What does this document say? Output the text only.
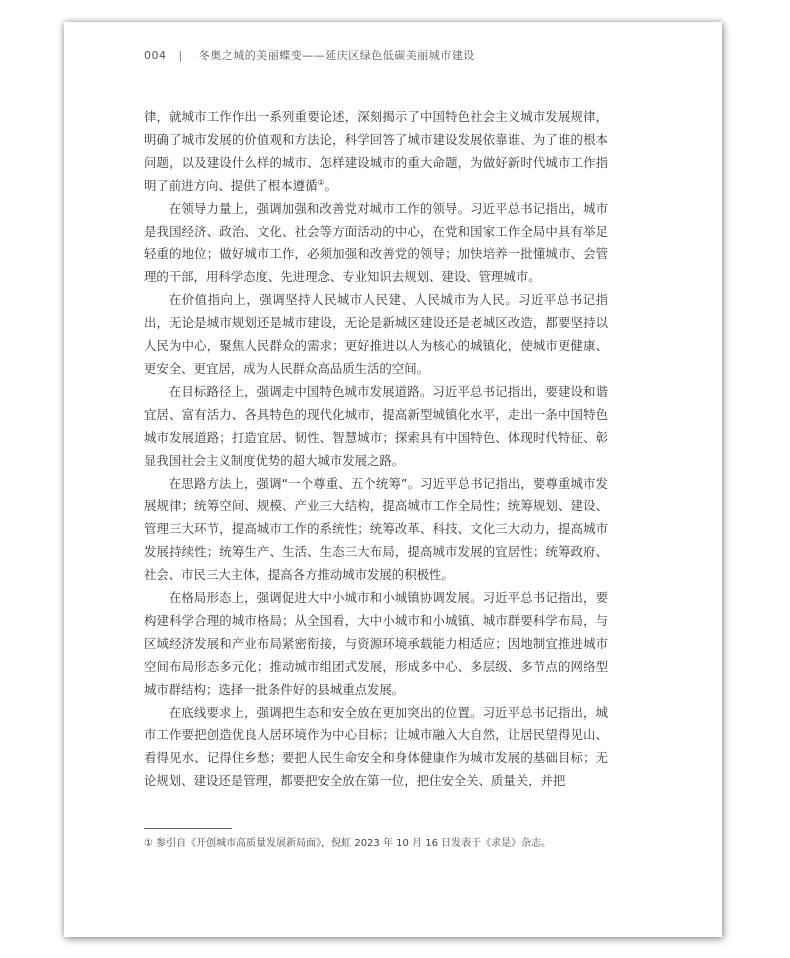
004 | 冬奥之城的美丽蝶变——延庆区绿色低碳美丽城市建设

律，就城市工作作出一系列重要论述，深刻揭示了中国特色社会主义城市发展规律，明确了城市发展的价值观和方法论，科学回答了城市建设发展依靠谁、为了谁的根本问题，以及建设什么样的城市、怎样建设城市的重大命题，为做好新时代城市工作指明了前进方向、提供了根本遵循①。

在领导力量上，强调加强和改善党对城市工作的领导。习近平总书记指出，城市是我国经济、政治、文化、社会等方面活动的中心，在党和国家工作全局中具有举足轻重的地位；做好城市工作，必须加强和改善党的领导；加快培养一批懂城市、会管理的干部，用科学态度、先进理念、专业知识去规划、建设、管理城市。

在价值指向上，强调坚持人民城市人民建、人民城市为人民。习近平总书记指出，无论是城市规划还是城市建设，无论是新城区建设还是老城区改造，都要坚持以人民为中心，聚焦人民群众的需求；更好推进以人为核心的城镇化，使城市更健康、更安全、更宜居，成为人民群众高品质生活的空间。

在目标路径上，强调走中国特色城市发展道路。习近平总书记指出，要建设和谐宜居、富有活力、各具特色的现代化城市，提高新型城镇化水平，走出一条中国特色城市发展道路；打造宜居、韧性、智慧城市；探索具有中国特色、体现时代特征、彰显我国社会主义制度优势的超大城市发展之路。

在思路方法上，强调“一个尊重、五个统筹”。习近平总书记指出，要尊重城市发展规律；统筹空间、规模、产业三大结构，提高城市工作全局性；统筹规划、建设、管理三大环节，提高城市工作的系统性；统筹改革、科技、文化三大动力，提高城市发展持续性；统筹生产、生活、生态三大布局，提高城市发展的宜居性；统筹政府、社会、市民三大主体，提高各方推动城市发展的积极性。

在格局形态上，强调促进大中小城市和小城镇协调发展。习近平总书记指出，要构建科学合理的城市格局；从全国看，大中小城市和小城镇、城市群要科学布局，与区域经济发展和产业布局紧密衔接，与资源环境承载能力相适应；因地制宜推进城市空间布局形态多元化；推动城市组团式发展，形成多中心、多层级、多节点的网络型城市群结构；选择一批条件好的县城重点发展。

在底线要求上，强调把生态和安全放在更加突出的位置。习近平总书记指出，城市工作要把创造优良人居环境作为中心目标；让城市融入大自然，让居民望得见山、看得见水、记得住乡愁；要把人民生命安全和身体健康作为城市发展的基础目标；无论规划、建设还是管理，都要把安全放在第一位，把住安全关、质量关，并把

① 参引自《开创城市高质量发展新局面》，倪虹 2023 年 10 月 16 日发表于《求是》杂志。
